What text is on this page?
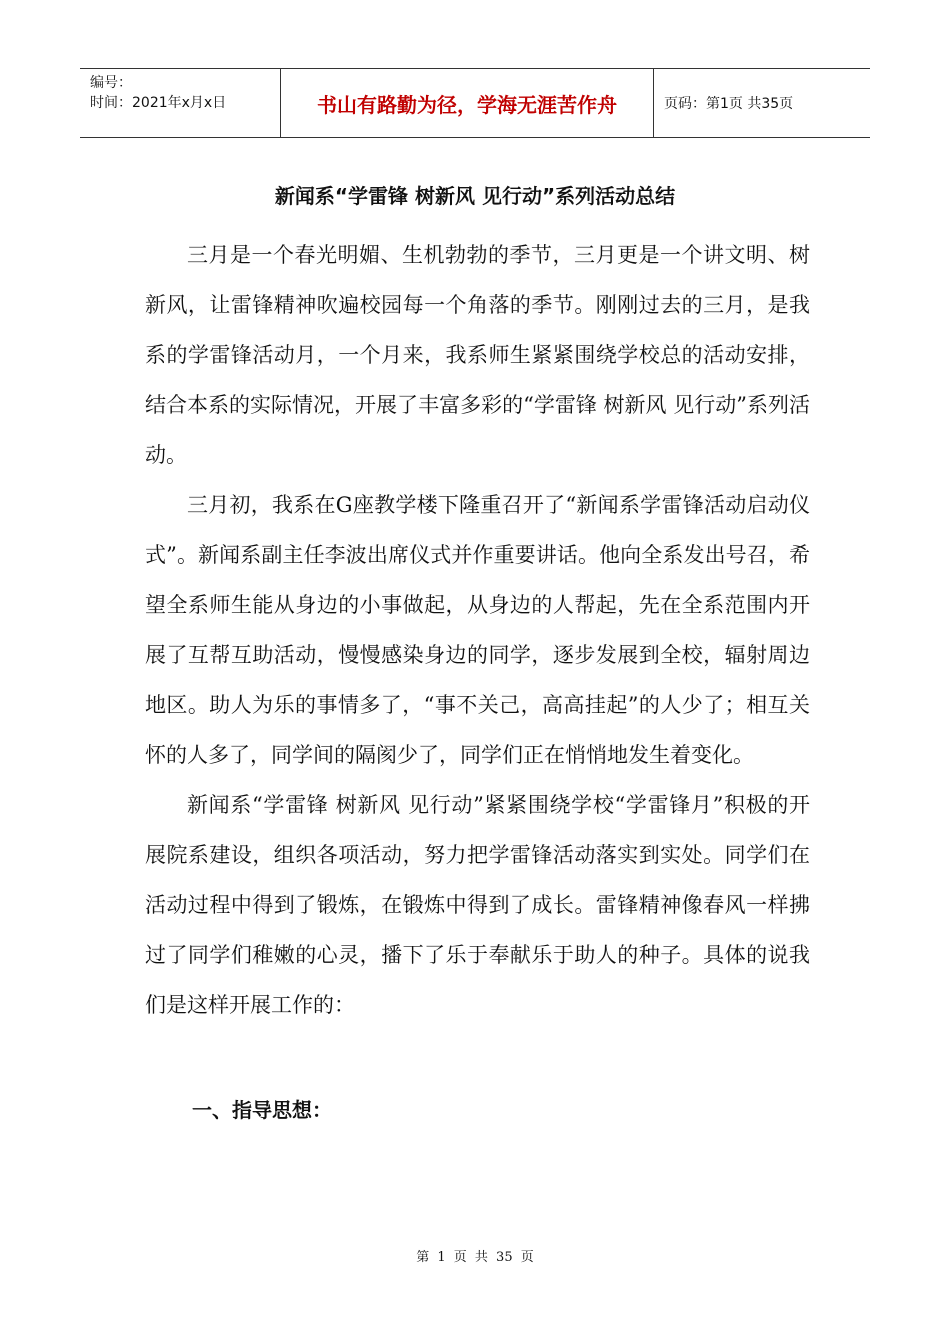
编号：
时间：2021年x月x日	书山有路勤为径，学海无涯苦作舟	页码：第1页 共35页
新闻系“学雷锋 树新风 见行动”系列活动总结

三月是一个春光明媚、生机勃勃的季节，三月更是一个讲文明、树新风，让雷锋精神吹遍校园每一个角落的季节。刚刚过去的三月，是我系的学雷锋活动月，一个月来，我系师生紧紧围绕学校总的活动安排，结合本系的实际情况，开展了丰富多彩的“学雷锋 树新风 见行动”系列活动。

三月初，我系在G座教学楼下隆重召开了“新闻系学雷锋活动启动仪式”。新闻系副主任李波出席仪式并作重要讲话。他向全系发出号召，希望全系师生能从身边的小事做起，从身边的人帮起，先在全系范围内开展了互帮互助活动，慢慢感染身边的同学，逐步发展到全校，辐射周边地区。助人为乐的事情多了，“事不关己，高高挂起”的人少了；相互关怀的人多了，同学间的隔阂少了，同学们正在悄悄地发生着变化。

新闻系“学雷锋 树新风 见行动”紧紧围绕学校“学雷锋月”积极的开展院系建设，组织各项活动，努力把学雷锋活动落实到实处。同学们在活动过程中得到了锻炼，在锻炼中得到了成长。雷锋精神像春风一样拂过了同学们稚嫩的心灵，播下了乐于奉献乐于助人的种子。具体的说我们是这样开展工作的：

一、指导思想：
第 1 页 共 35 页
